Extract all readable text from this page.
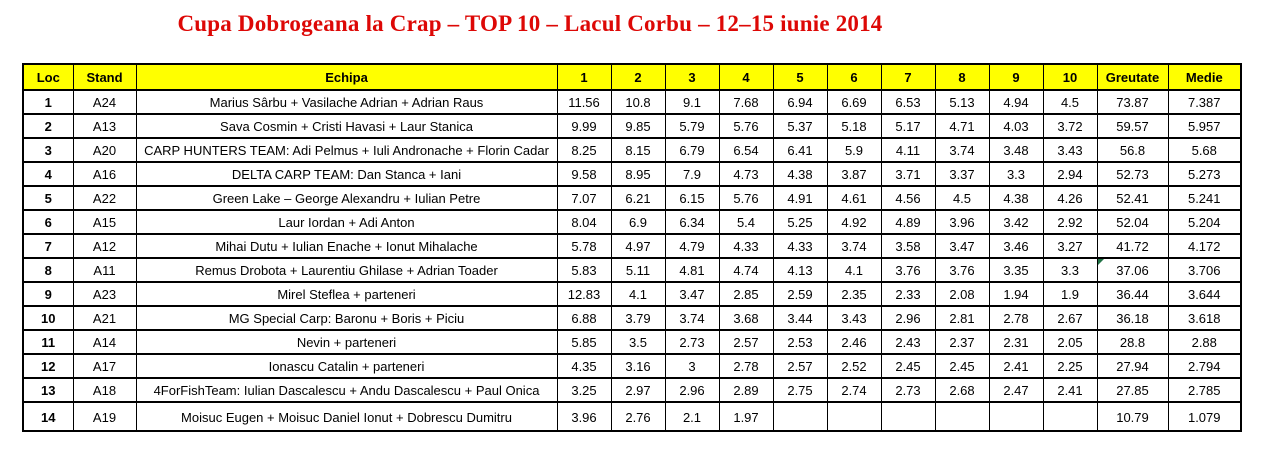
Cupa Dobrogeana la Crap – TOP 10 – Lacul Corbu – 12–15 iunie 2014
Loc	Stand	Echipa	1	2	3	4	5	6	7	8	9	10	Greutate	Medie
1	A24	Marius Sârbu + Vasilache Adrian + Adrian Raus	11.56	10.8	9.1	7.68	6.94	6.69	6.53	5.13	4.94	4.5	73.87	7.387
2	A13	Sava Cosmin + Cristi Havasi + Laur Stanica	9.99	9.85	5.79	5.76	5.37	5.18	5.17	4.71	4.03	3.72	59.57	5.957
3	A20	CARP HUNTERS TEAM: Adi Pelmus + Iuli Andronache + Florin Cadar	8.25	8.15	6.79	6.54	6.41	5.9	4.11	3.74	3.48	3.43	56.8	5.68
4	A16	DELTA CARP TEAM: Dan Stanca + Iani	9.58	8.95	7.9	4.73	4.38	3.87	3.71	3.37	3.3	2.94	52.73	5.273
5	A22	Green Lake – George Alexandru + Iulian Petre	7.07	6.21	6.15	5.76	4.91	4.61	4.56	4.5	4.38	4.26	52.41	5.241
6	A15	Laur Iordan + Adi Anton	8.04	6.9	6.34	5.4	5.25	4.92	4.89	3.96	3.42	2.92	52.04	5.204
7	A12	Mihai Dutu + Iulian Enache + Ionut Mihalache	5.78	4.97	4.79	4.33	4.33	3.74	3.58	3.47	3.46	3.27	41.72	4.172
8	A11	Remus Drobota + Laurentiu Ghilase + Adrian Toader	5.83	5.11	4.81	4.74	4.13	4.1	3.76	3.76	3.35	3.3	37.06	3.706
9	A23	Mirel Steflea + parteneri	12.83	4.1	3.47	2.85	2.59	2.35	2.33	2.08	1.94	1.9	36.44	3.644
10	A21	MG Special Carp: Baronu + Boris + Piciu	6.88	3.79	3.74	3.68	3.44	3.43	2.96	2.81	2.78	2.67	36.18	3.618
11	A14	Nevin + parteneri	5.85	3.5	2.73	2.57	2.53	2.46	2.43	2.37	2.31	2.05	28.8	2.88
12	A17	Ionascu Catalin + parteneri	4.35	3.16	3	2.78	2.57	2.52	2.45	2.45	2.41	2.25	27.94	2.794
13	A18	4ForFishTeam: Iulian Dascalescu + Andu Dascalescu + Paul Onica	3.25	2.97	2.96	2.89	2.75	2.74	2.73	2.68	2.47	2.41	27.85	2.785
14	A19	Moisuc Eugen + Moisuc Daniel Ionut + Dobrescu Dumitru	3.96	2.76	2.1	1.97							10.79	1.079
